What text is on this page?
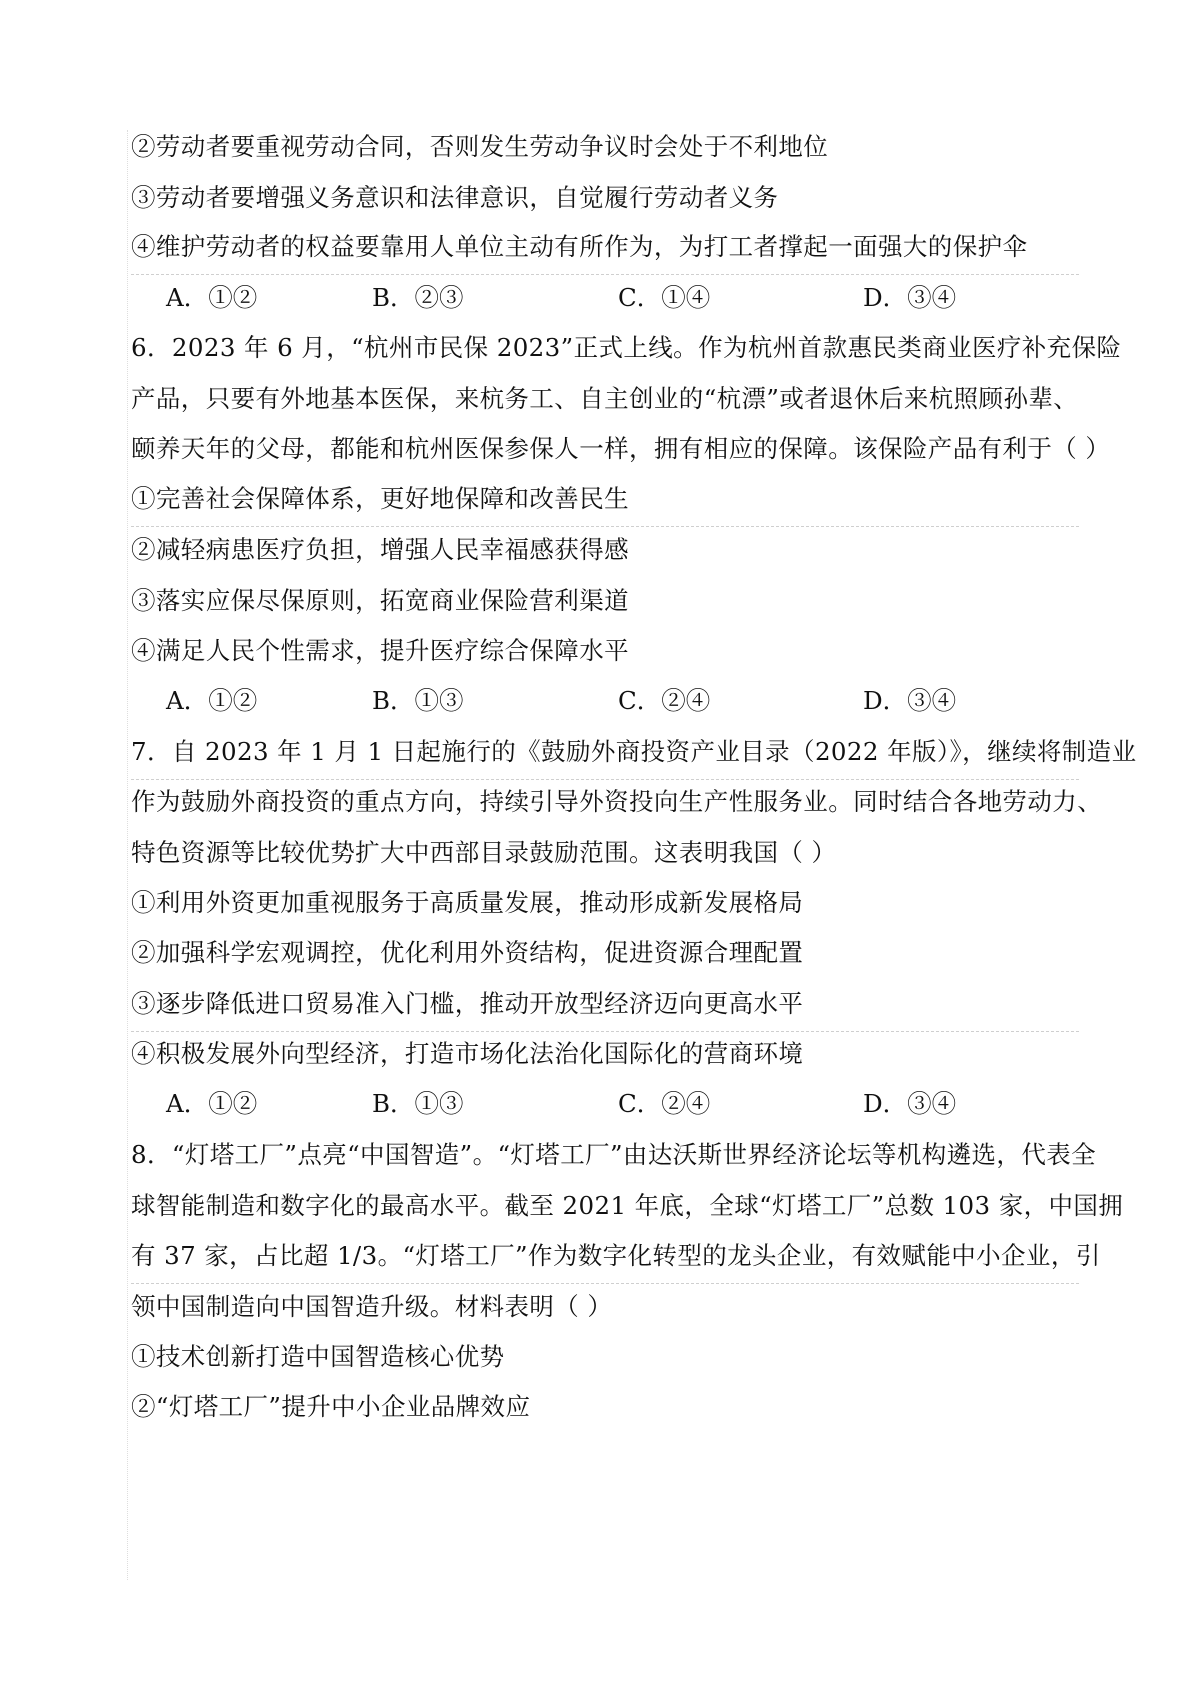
②劳动者要重视劳动合同，否则发生劳动争议时会处于不利地位
③劳动者要增强义务意识和法律意识，自觉履行劳动者义务
④维护劳动者的权益要靠用人单位主动有所作为，为打工者撑起一面强大的保护伞
A．①②	B．②③	C．①④	D．③④
6．2023 年 6 月，“杭州市民保 2023”正式上线。作为杭州首款惠民类商业医疗补充保险
产品，只要有外地基本医保，来杭务工、自主创业的“杭漂”或者退休后来杭照顾孙辈、
颐养天年的父母，都能和杭州医保参保人一样，拥有相应的保障。该保险产品有利于（ ）
①完善社会保障体系，更好地保障和改善民生
②减轻病患医疗负担，增强人民幸福感获得感
③落实应保尽保原则，拓宽商业保险营利渠道
④满足人民个性需求，提升医疗综合保障水平
A．①②	B．①③	C．②④	D．③④
7．自 2023 年 1 月 1 日起施行的《鼓励外商投资产业目录（2022 年版）》，继续将制造业
作为鼓励外商投资的重点方向，持续引导外资投向生产性服务业。同时结合各地劳动力、
特色资源等比较优势扩大中西部目录鼓励范围。这表明我国（ ）
①利用外资更加重视服务于高质量发展，推动形成新发展格局
②加强科学宏观调控，优化利用外资结构，促进资源合理配置
③逐步降低进口贸易准入门槛，推动开放型经济迈向更高水平
④积极发展外向型经济，打造市场化法治化国际化的营商环境
A．①②	B．①③	C．②④	D．③④
8．“灯塔工厂”点亮“中国智造”。“灯塔工厂”由达沃斯世界经济论坛等机构遴选，代表全
球智能制造和数字化的最高水平。截至 2021 年底，全球“灯塔工厂”总数 103 家，中国拥
有 37 家，占比超 1/3。“灯塔工厂”作为数字化转型的龙头企业，有效赋能中小企业，引
领中国制造向中国智造升级。材料表明（ ）
①技术创新打造中国智造核心优势
②“灯塔工厂”提升中小企业品牌效应
